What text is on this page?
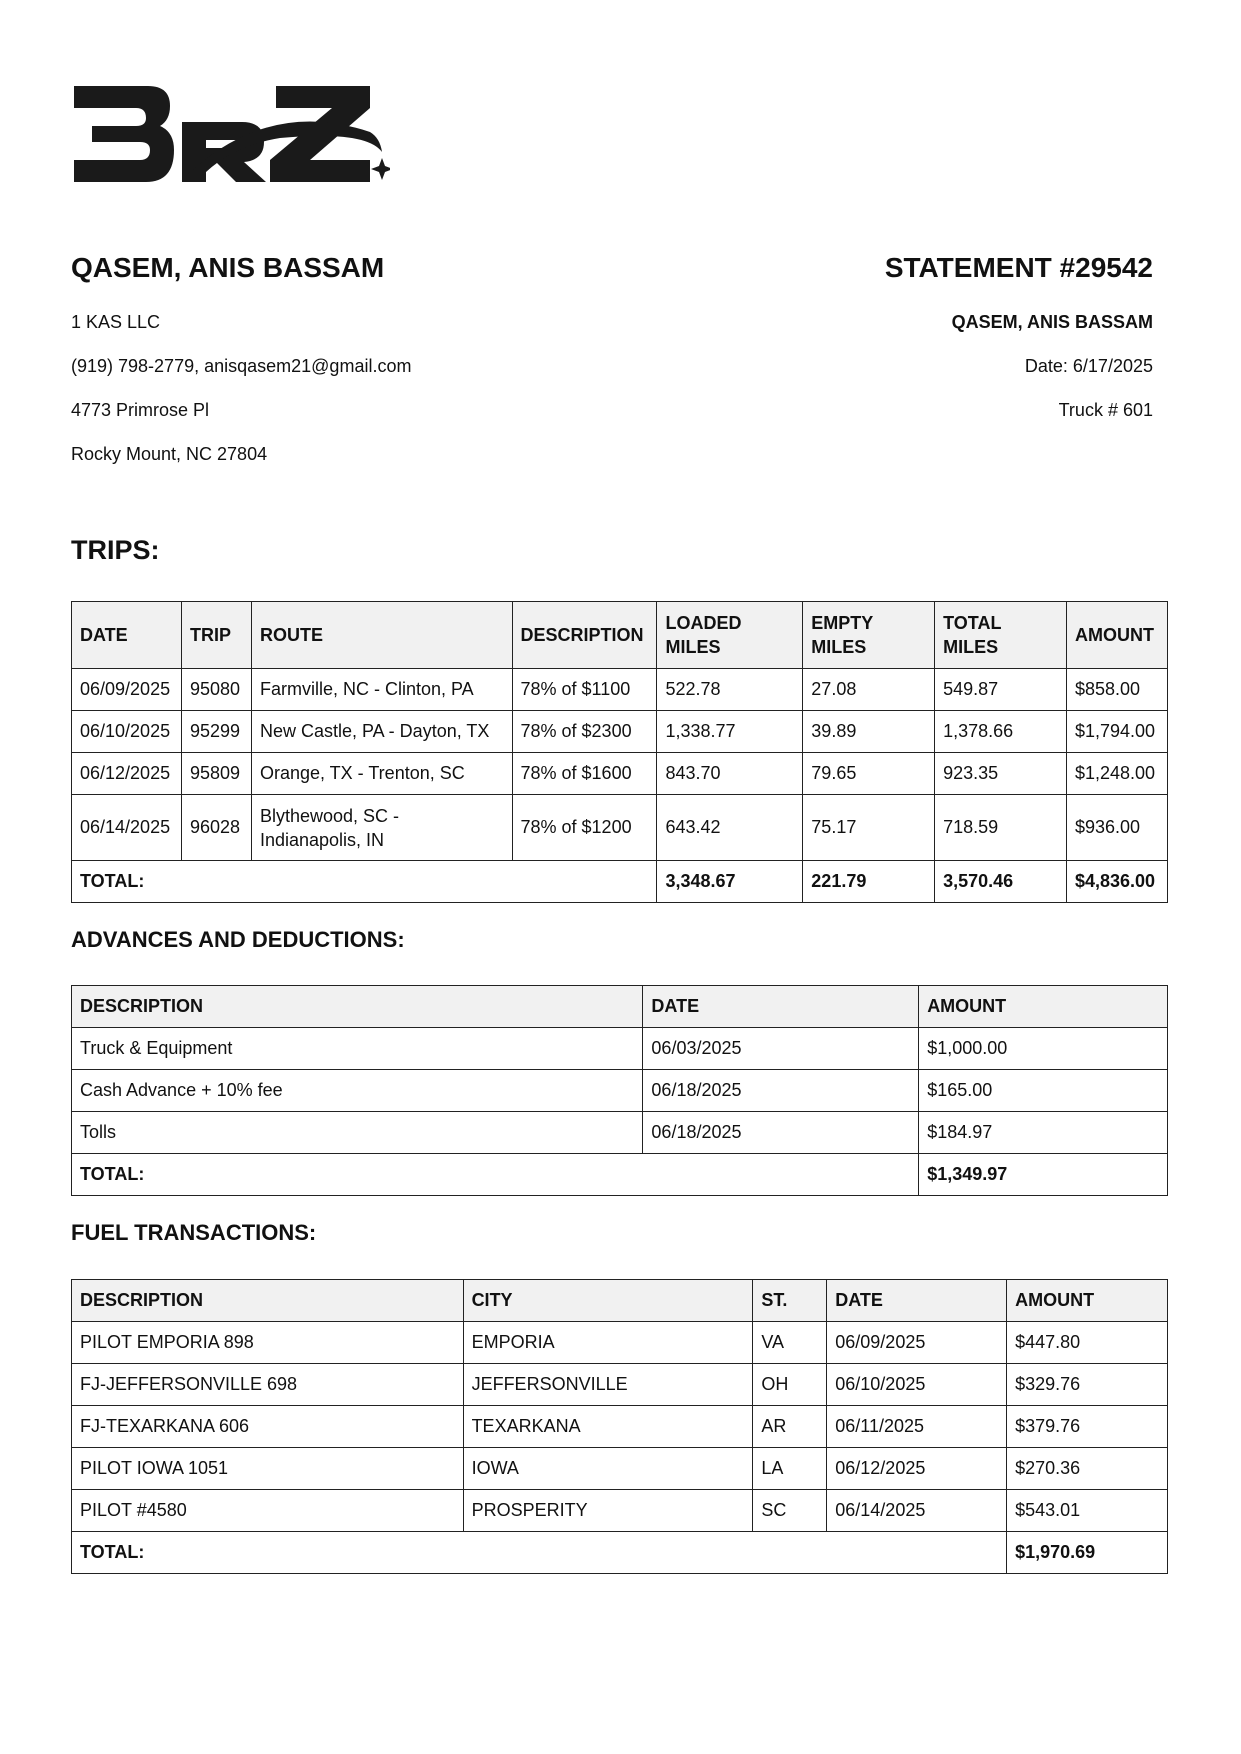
QASEM, ANIS BASSAM
1 KAS LLC
(919) 798-2779, anisqasem21@gmail.com
4773 Primrose Pl
Rocky Mount, NC 27804
STATEMENT #29542
QASEM, ANIS BASSAM
Date: 6/17/2025
Truck # 601
TRIPS:
DATE	TRIP	ROUTE	DESCRIPTION	LOADED MILES	EMPTY MILES	TOTAL MILES	AMOUNT
06/09/2025	95080	Farmville, NC - Clinton, PA	78% of $1100	522.78	27.08	549.87	$858.00
06/10/2025	95299	New Castle, PA - Dayton, TX	78% of $2300	1,338.77	39.89	1,378.66	$1,794.00
06/12/2025	95809	Orange, TX - Trenton, SC	78% of $1600	843.70	79.65	923.35	$1,248.00
06/14/2025	96028	Blythewood, SC - Indianapolis, IN	78% of $1200	643.42	75.17	718.59	$936.00
TOTAL:				3,348.67	221.79	3,570.46	$4,836.00
ADVANCES AND DEDUCTIONS:
DESCRIPTION	DATE	AMOUNT
Truck & Equipment	06/03/2025	$1,000.00
Cash Advance + 10% fee	06/18/2025	$165.00
Tolls	06/18/2025	$184.97
TOTAL:		$1,349.97
FUEL TRANSACTIONS:
DESCRIPTION	CITY	ST.	DATE	AMOUNT
PILOT EMPORIA 898	EMPORIA	VA	06/09/2025	$447.80
FJ-JEFFERSONVILLE 698	JEFFERSONVILLE	OH	06/10/2025	$329.76
FJ-TEXARKANA 606	TEXARKANA	AR	06/11/2025	$379.76
PILOT IOWA 1051	IOWA	LA	06/12/2025	$270.36
PILOT #4580	PROSPERITY	SC	06/14/2025	$543.01
TOTAL:				$1,970.69
